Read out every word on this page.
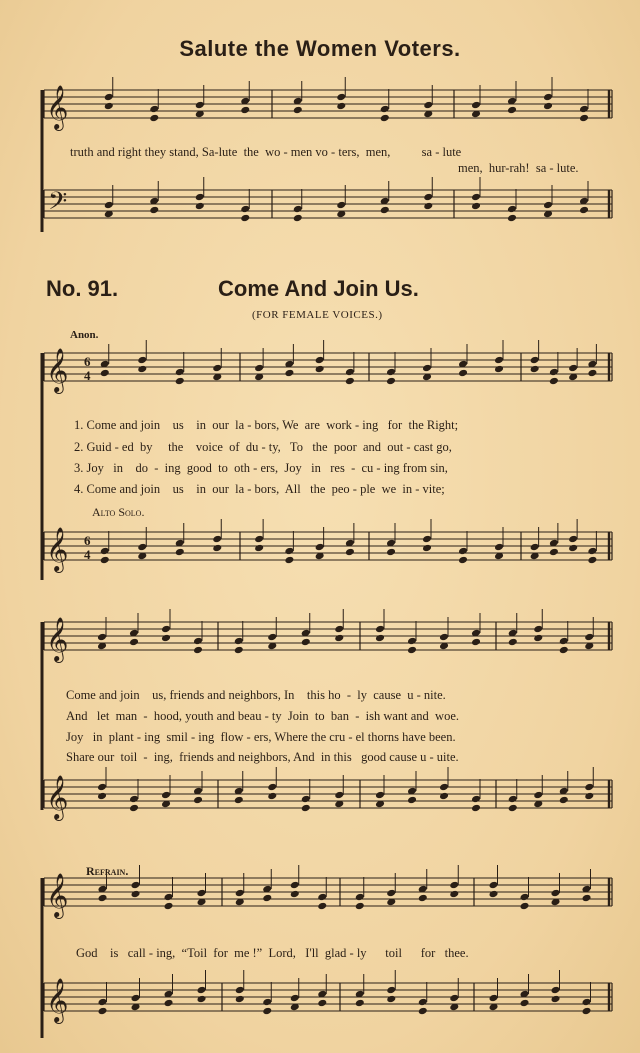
𝄞
𝄢
𝄞
𝄞
𝄞
𝄞
𝄞
𝄞
6
4
6
4
Salute the Women Voters.
truth and right they stand, Sa-lute  the  wo - men vo - ters,  men,          sa - lute
men,  hur-rah!  sa - lute.
No. 91.	Come And Join Us.
(FOR FEMALE VOICES.)
Anon.
1. Come and join    us    in  our  la - bors, We  are  work - ing   for  the Right;
2. Guid - ed  by     the    voice  of  du - ty,   To   the  poor  and  out - cast go,
3. Joy   in    do  -  ing  good  to  oth - ers,  Joy   in   res  -  cu - ing from sin,
4. Come and join    us    in  our  la - bors,  All   the  peo - ple  we  in - vite;
Alto Solo.
Come and join    us, friends and neighbors, In    this ho  -  ly  cause  u - nite.
And   let  man  -  hood, youth and beau - ty  Join  to  ban  -  ish want and  woe.
Joy   in  plant - ing  smil - ing  flow - ers, Where the cru - el thorns have been.
Share our  toil  -  ing,  friends and neighbors, And  in this   good cause u - uite.
Refrain.
God    is   call - ing,  “Toil  for  me !”  Lord,   I'll  glad - ly      toil      for   thee.
